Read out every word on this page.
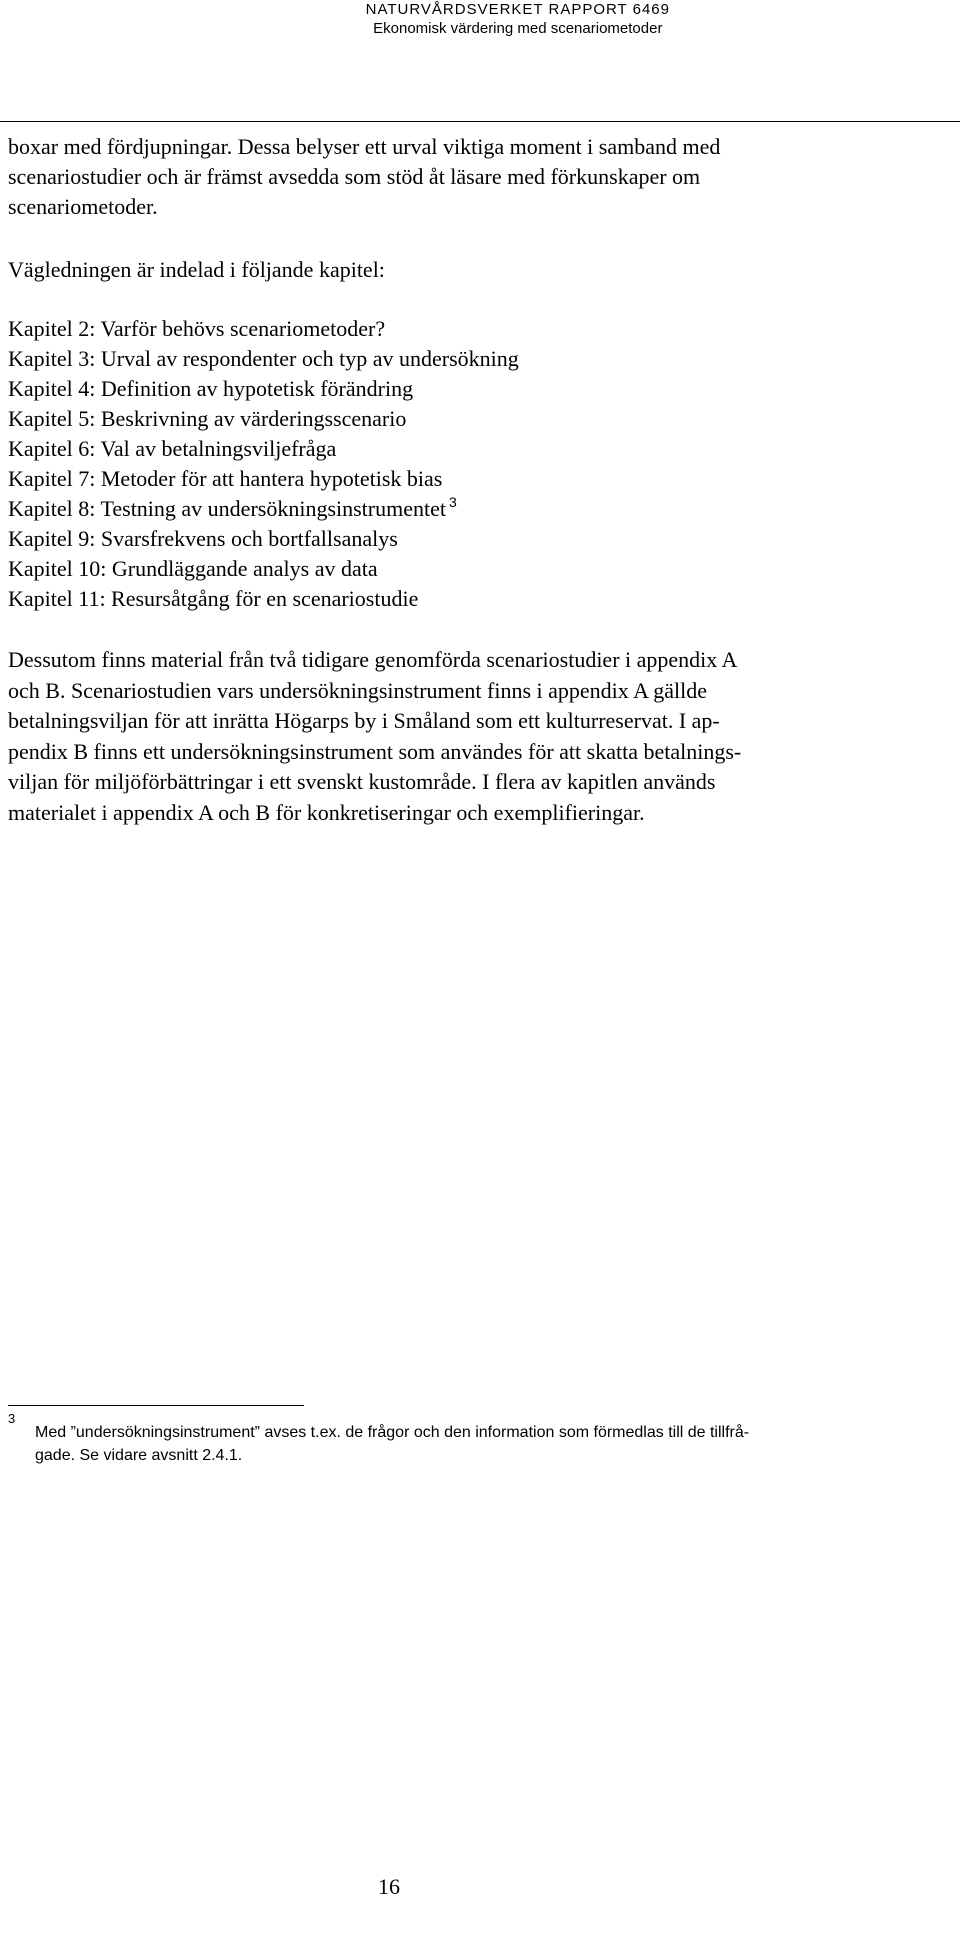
NATURVÅRDSVERKET RAPPORT 6469
Ekonomisk värdering med scenariometoder
boxar med fördjupningar. Dessa belyser ett urval viktiga moment i samband med
scenariostudier och är främst avsedda som stöd åt läsare med förkunskaper om
scenariometoder.
Vägledningen är indelad i följande kapitel:
Kapitel 2: Varför behövs scenariometoder?
Kapitel 3: Urval av respondenter och typ av undersökning
Kapitel 4: Definition av hypotetisk förändring
Kapitel 5: Beskrivning av värderingsscenario
Kapitel 6: Val av betalningsviljefråga
Kapitel 7: Metoder för att hantera hypotetisk bias
Kapitel 8: Testning av undersökningsinstrumentet $^3$
Kapitel 9: Svarsfrekvens och bortfallsanalys
Kapitel 10: Grundläggande analys av data
Kapitel 11: Resursåtgång för en scenariostudie
Dessutom finns material från två tidigare genomförda scenariostudier i appendix A
och B. Scenariostudien vars undersökningsinstrument finns i appendix A gällde
betalningsviljan för att inrätta Högarps by i Småland som ett kulturreservat. I ap-
pendix B finns ett undersökningsinstrument som användes för att skatta betalnings-
viljan för miljöförbättringar i ett svenskt kustområde. I flera av kapitlen används
materialet i appendix A och B för konkretiseringar och exemplifieringar.
3
Med ”undersökningsinstrument” avses t.ex. de frågor och den information som förmedlas till de tillfrå-
gade. Se vidare avsnitt 2.4.1.
16
